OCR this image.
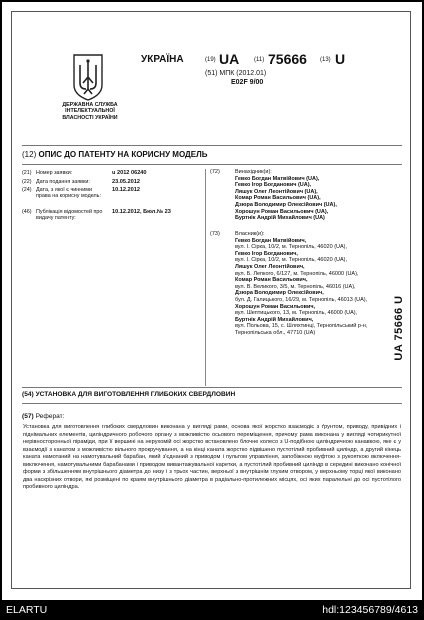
ДЕРЖАВНА СЛУЖБА ІНТЕЛЕКТУАЛЬНОЇ ВЛАСНОСТІ УКРАЇНИ
УКРАЇНА	(19) UA (11) 75666 (13) U
(51) МПК (2012.01)
E02F 9/00
(12) ОПИС ДО ПАТЕНТУ НА КОРИСНУ МОДЕЛЬ
(21) Номер заявки:	u 2012 06240
(22) Дата подання заявки:	23.05.2012
(24) Дата, з якої є чинними права на корисну модель:
10.12.2012
(46) Публікація відомостей про видачу патенту:
10.12.2012, Бюл.№ 23
(72)	Винахідник(и):
Гевко Богдан Матвійович (UA),
Гевко Ігор Богданович (UA),
Ляшук Олег Леонтійович (UA),
Комар Роман Васильович (UA),
Дзюра Володимир Олексійович (UA),
Хорошун Роман Васильович (UA),
Буртнік Андрій Михайлович (UA)
(73)	Власник(и):
Гевко Богдан Матвійович,
вул. І. Сірка, 10/2, м. Тернопіль, 46020 (UA),
Гевко Ігор Богданович,
вул. І. Сірка, 10/2, м. Тернопіль, 46020 (UA),
Ляшук Олег Леонтійович,
вул. Б. Лепкого, 6/127, м. Тернопіль, 46000 (UA),
Комар Роман Васильович,
вул. В. Великого, 3/5, м. Тернопіль, 46016 (UA),
Дзюра Володимир Олексійович,
бул. Д. Галицького, 16/29, м. Тернопіль, 46013 (UA),
Хорошун Роман Васильович,
вул. Шептицького, 13, м. Тернопіль, 46000 (UA),
Буртнік Андрій Михайлович,
вул. Польова, 15, с. Шляхтинці, Тернопільський р-н, Тернопільська обл., 47710 (UA)	UA 75666 U
(54) УСТАНОВКА ДЛЯ ВИГОТОВЛЕННЯ ГЛИБОКИХ СВЕРДЛОВИН
(57) Реферат:

Установка для виготовлення глибоких свердловин виконана у вигляді рами, основа якої жорстко взаємодіє з ґрунтом, приводу, привідних і піднімальних елементів, циліндричного робочого органу з можливістю осьового переміщення, причому рама виконана у вигляді чотирикутної нерівносторонньої піраміди, при її вершині на нерухомій осі жорстко встановлено блочне колесо з U-подібною циліндричною канавкою, яке є у взаємодії з канатом з можливістю вільного прокручування, а на кінці каната жорстко підвішено пустотілий пробивний циліндр, а другий кінець каната намотаний на намотувальний барабан, який з'єднаний з приводом і пультом управління, запобіжною муфтою з рукояткою включення-виключення, намотувальними барабанами і приводом вивантажувальної каретки, а пустотілий пробивний циліндр в середині виконано конічної форми з збільшенням внутрішнього діаметра до низу і з трьох частин, верхньої з внутрішнім глухим отвором, у верхньому торці якої виконано два наскрізних отвори, які розміщені по краям внутрішнього діаметра в радіально-протилежних місцях, осі яких паралельні до осі пустотілого пробивного циліндра.

ELARTU	hdl:123456789/4613
